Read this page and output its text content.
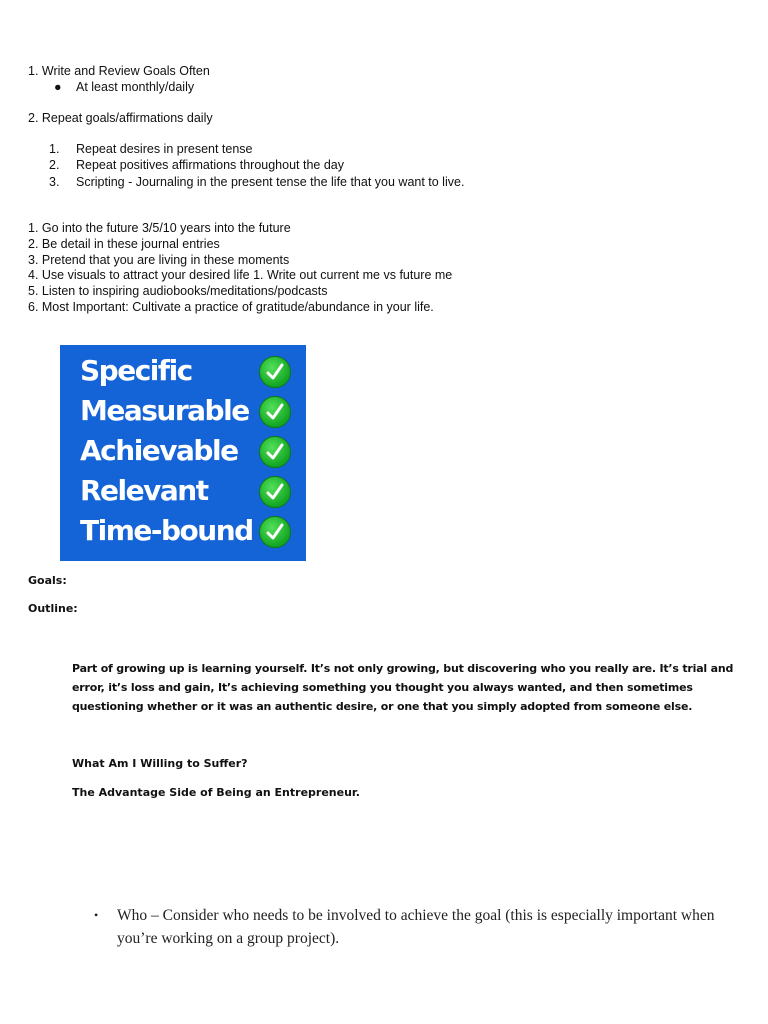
1. Write and Review Goals Often
●	At least monthly/daily
2. Repeat goals/affirmations daily
1. Repeat desires in present tense
2. Repeat positives affirmations throughout the day
3. Scripting - Journaling in the present tense the life that you want to live.
1. Go into the future 3/5/10 years into the future
2. Be detail in these journal entries
3. Pretend that you are living in these moments
4. Use visuals to attract your desired life 1. Write out current me vs future me
5. Listen to inspiring audiobooks/meditations/podcasts
6. Most Important: Cultivate a practice of gratitude/abundance in your life.
Specific
Measurable
Achievable
Relevant
Time-bound
Goals:
Outline:
Part of growing up is learning yourself. It’s not only growing, but discovering who you really are. It’s trial and error, it’s loss and gain, It’s achieving something you thought you always wanted, and then sometimes questioning whether or it was an authentic desire, or one that you simply adopted from someone else.
What Am I Willing to Suffer?
The Advantage Side of Being an Entrepreneur.
• Who – Consider who needs to be involved to achieve the goal (this is especially important when you’re working on a group project).
